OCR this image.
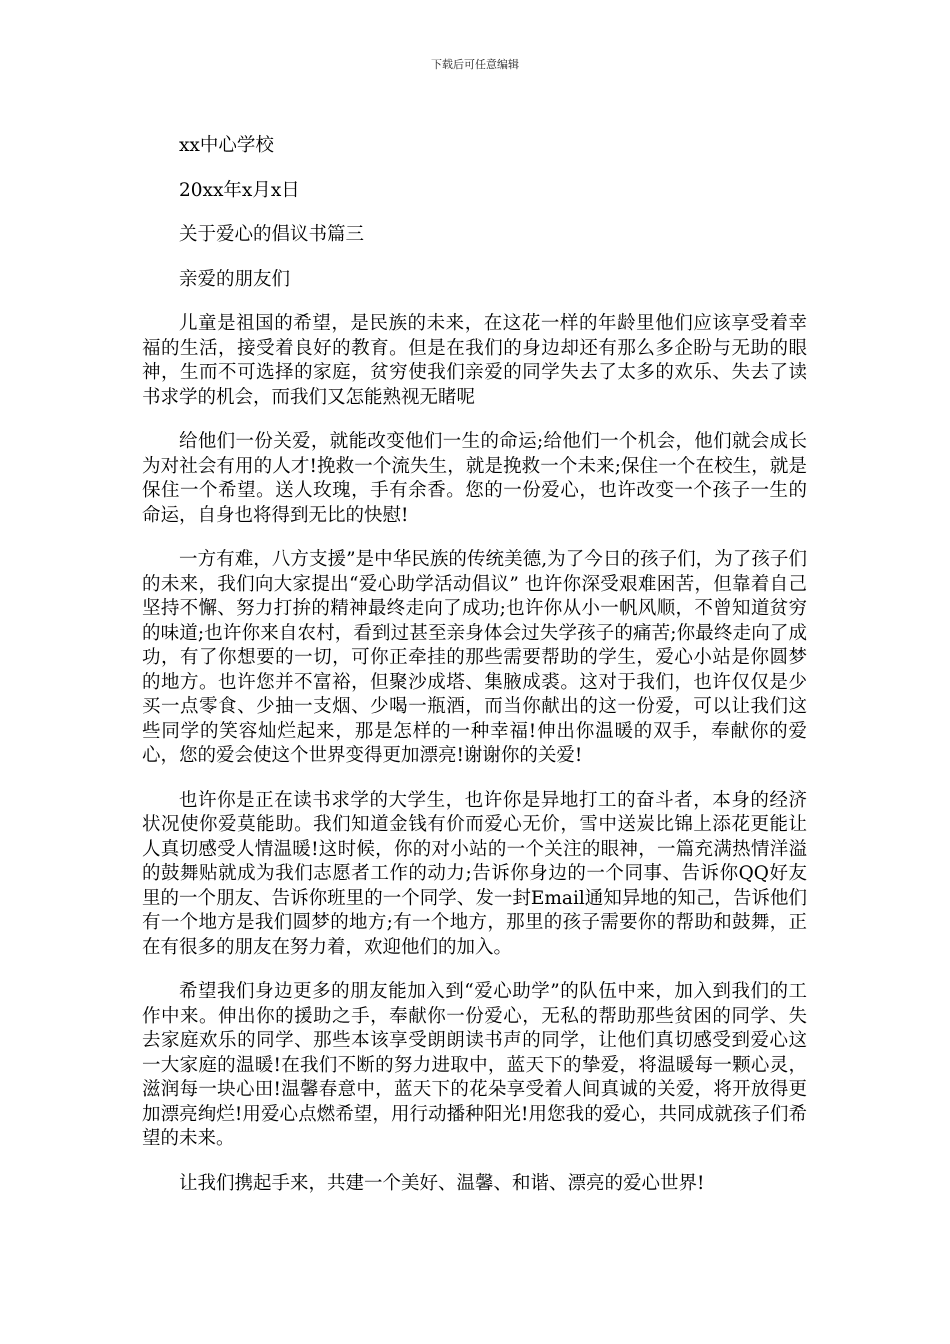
下载后可任意编辑

xx中心学校

20xx年x月x日

关于爱心的倡议书篇三

亲爱的朋友们

儿童是祖国的希望，是民族的未来，在这花一样的年龄里他们应该享受着幸福的生活，接受着良好的教育。但是在我们的身边却还有那么多企盼与无助的眼神，生而不可选择的家庭，贫穷使我们亲爱的同学失去了太多的欢乐、失去了读书求学的机会，而我们又怎能熟视无睹呢

给他们一份关爱，就能改变他们一生的命运;给他们一个机会，他们就会成长为对社会有用的人才!挽救一个流失生，就是挽救一个未来;保住一个在校生，就是保住一个希望。送人玫瑰，手有余香。您的一份爱心，也许改变一个孩子一生的命运，自身也将得到无比的快慰!

一方有难，八方支援”是中华民族的传统美德,为了今日的孩子们，为了孩子们的未来，我们向大家提出“爱心助学活动倡议” 也许你深受艰难困苦，但靠着自己坚持不懈、努力打拚的精神最终走向了成功;也许你从小一帆风顺，不曾知道贫穷的味道;也许你来自农村，看到过甚至亲身体会过失学孩子的痛苦;你最终走向了成功，有了你想要的一切，可你正牵挂的那些需要帮助的学生，爱心小站是你圆梦的地方。也许您并不富裕，但聚沙成塔、集腋成裘。这对于我们，也许仅仅是少买一点零食、少抽一支烟、少喝一瓶酒，而当你献出的这一份爱，可以让我们这些同学的笑容灿烂起来，那是怎样的一种幸福!伸出你温暖的双手，奉献你的爱心，您的爱会使这个世界变得更加漂亮!谢谢你的关爱!

也许你是正在读书求学的大学生，也许你是异地打工的奋斗者，本身的经济状况使你爱莫能助。我们知道金钱有价而爱心无价，雪中送炭比锦上添花更能让人真切感受人情温暖!这时候，你的对小站的一个关注的眼神，一篇充满热情洋溢的鼓舞贴就成为我们志愿者工作的动力;告诉你身边的一个同事、告诉你QQ好友里的一个朋友、告诉你班里的一个同学、发一封Email通知异地的知己，告诉他们有一个地方是我们圆梦的地方;有一个地方，那里的孩子需要你的帮助和鼓舞，正在有很多的朋友在努力着，欢迎他们的加入。

希望我们身边更多的朋友能加入到“爱心助学”的队伍中来，加入到我们的工作中来。伸出你的援助之手，奉献你一份爱心，无私的帮助那些贫困的同学、失去家庭欢乐的同学、那些本该享受朗朗读书声的同学，让他们真切感受到爱心这一大家庭的温暖!在我们不断的努力进取中，蓝天下的挚爱，将温暖每一颗心灵，滋润每一块心田!温馨春意中，蓝天下的花朵享受着人间真诚的关爱，将开放得更加漂亮绚烂!用爱心点燃希望，用行动播种阳光!用您我的爱心，共同成就孩子们希望的未来。

让我们携起手来，共建一个美好、温馨、和谐、漂亮的爱心世界!
